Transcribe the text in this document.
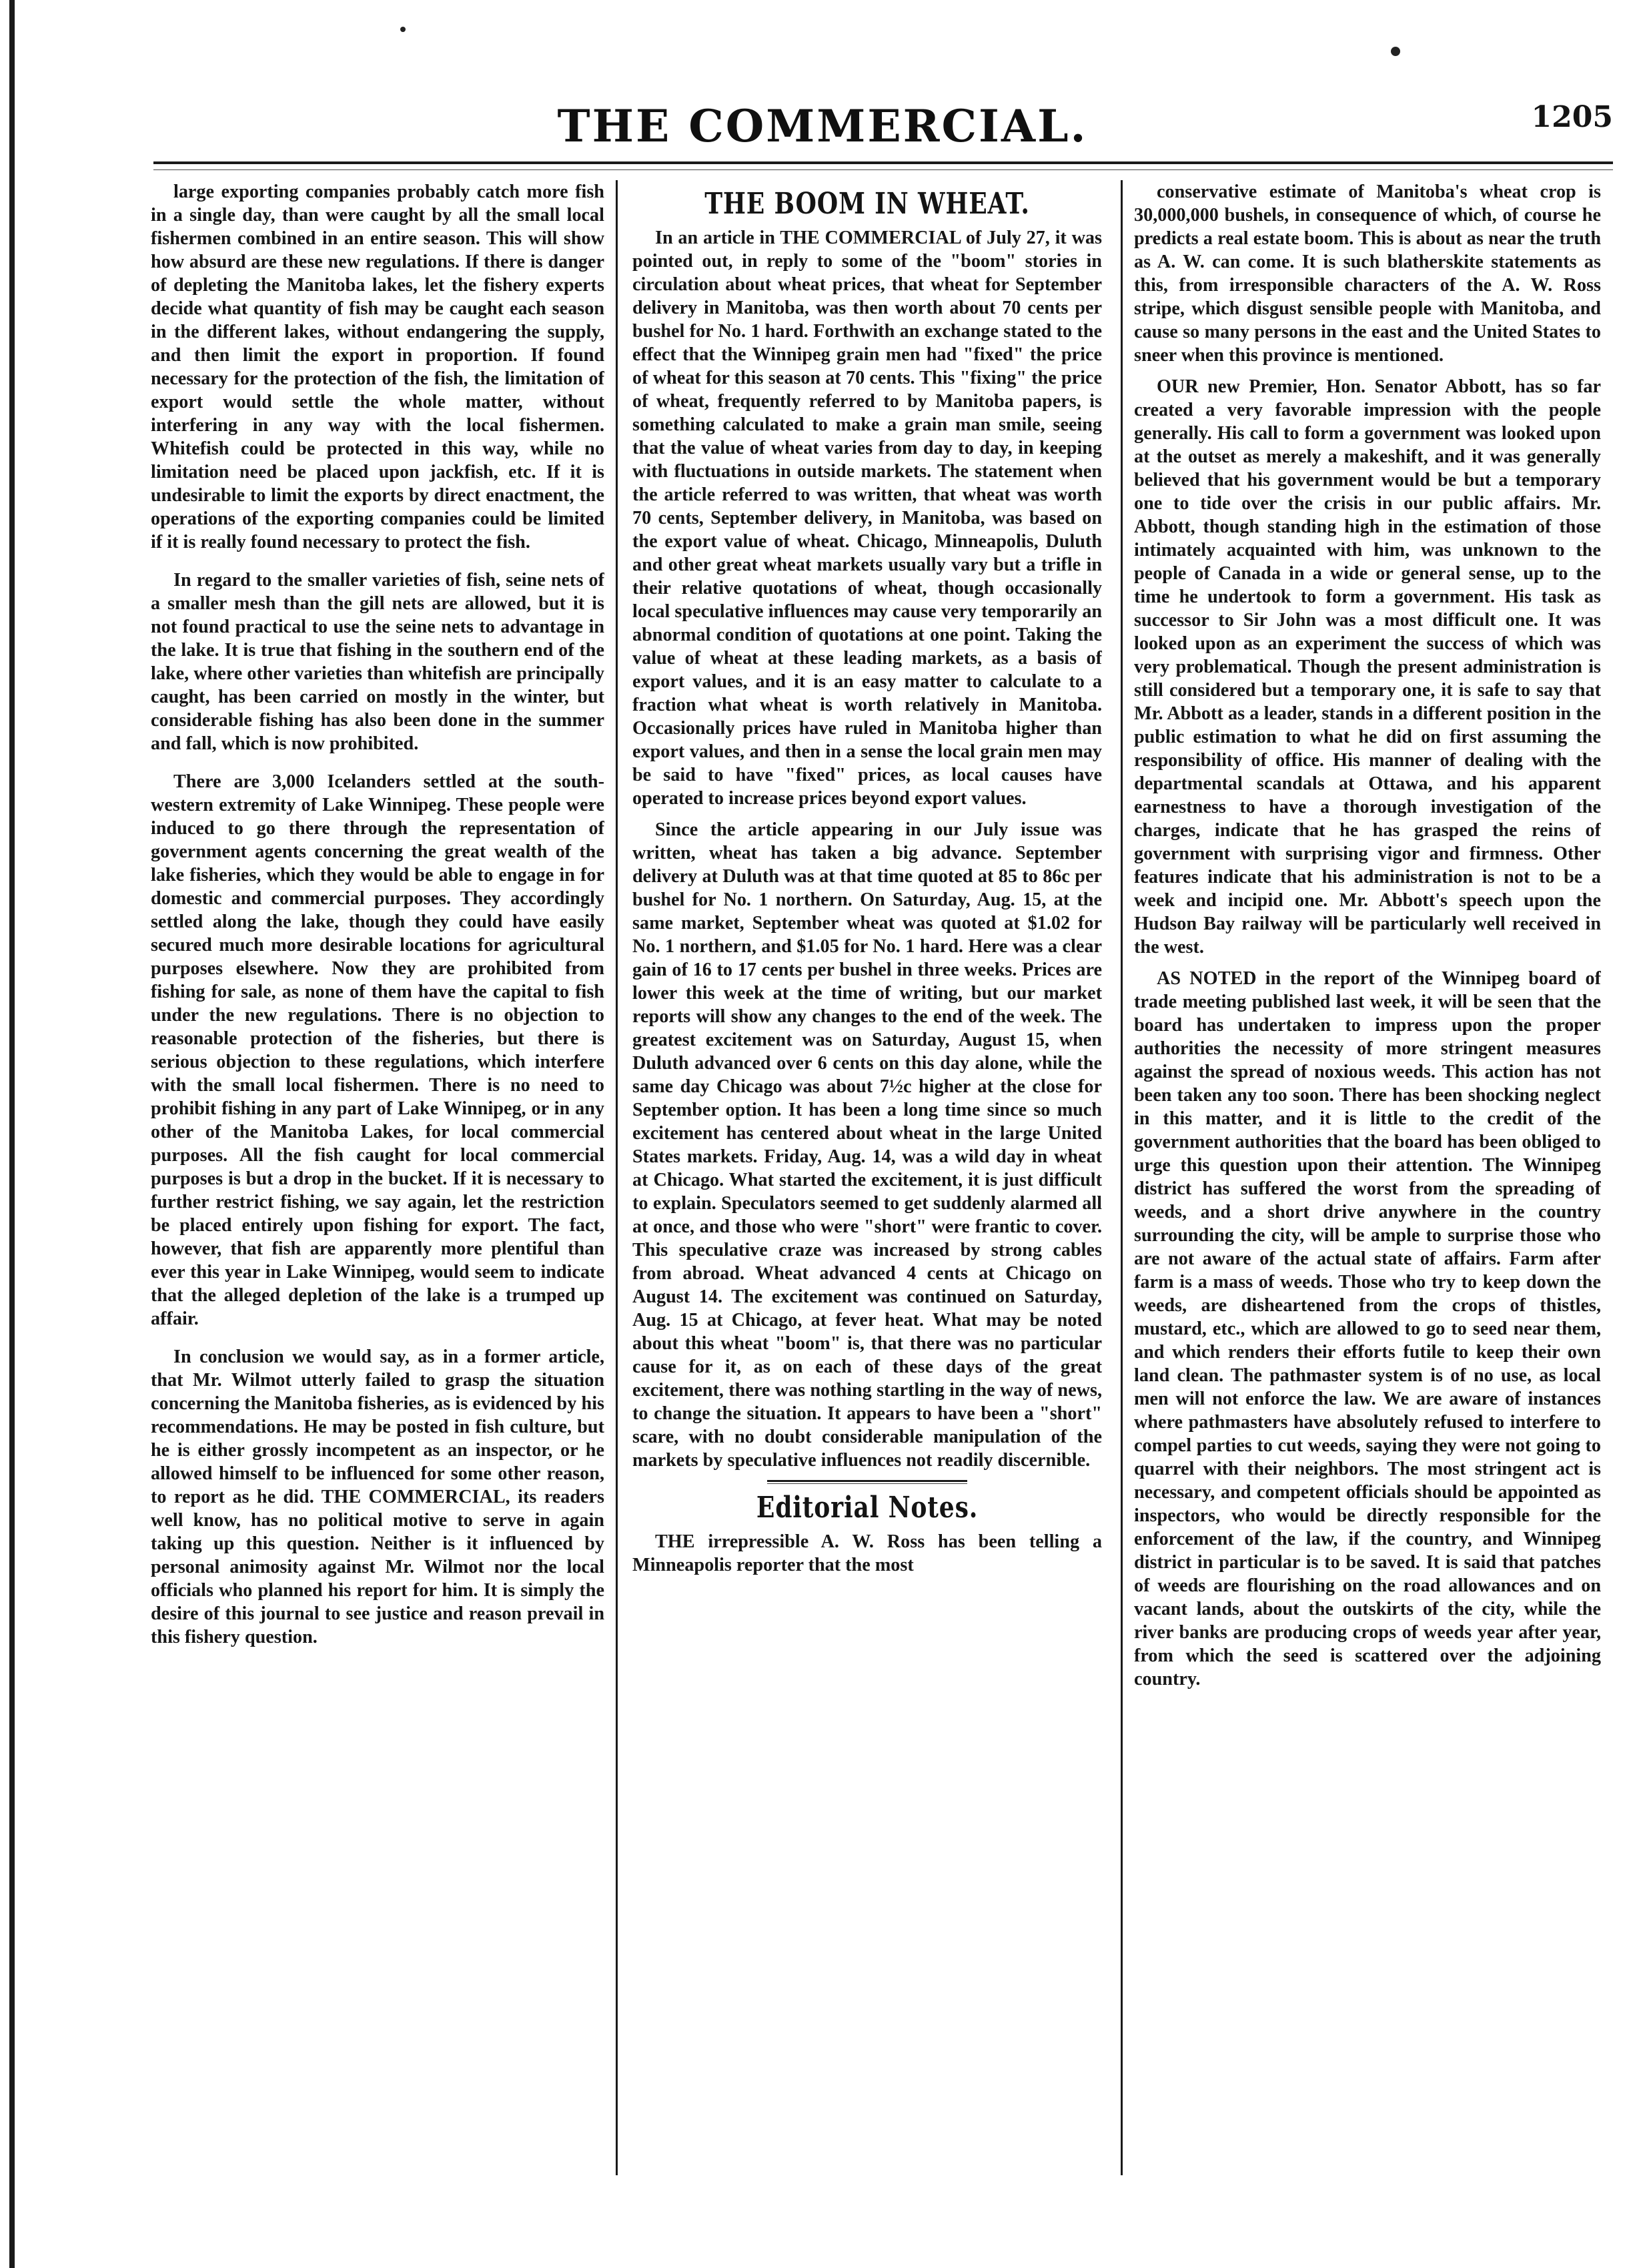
THE COMMERCIAL.	1205

large exporting companies probably catch more fish in a single day, than were caught by all the small local fishermen combined in an entire season. This will show how absurd are these new regulations. If there is danger of depleting the Manitoba lakes, let the fishery experts decide what quantity of fish may be caught each season in the different lakes, without endangering the supply, and then limit the export in proportion. If found necessary for the protection of the fish, the limitation of export would settle the whole matter, without interfering in any way with the local fishermen. Whitefish could be protected in this way, while no limitation need be placed upon jackfish, etc. If it is undesirable to limit the exports by direct enactment, the operations of the exporting companies could be limited if it is really found necessary to protect the fish.

In regard to the smaller varieties of fish, seine nets of a smaller mesh than the gill nets are allowed, but it is not found practical to use the seine nets to advantage in the lake. It is true that fishing in the southern end of the lake, where other varieties than whitefish are principally caught, has been carried on mostly in the winter, but considerable fishing has also been done in the summer and fall, which is now prohibited.

There are 3,000 Icelanders settled at the south-western extremity of Lake Winnipeg. These people were induced to go there through the representation of government agents concerning the great wealth of the lake fisheries, which they would be able to engage in for domestic and commercial purposes. They accordingly settled along the lake, though they could have easily secured much more desirable locations for agricultural purposes elsewhere. Now they are prohibited from fishing for sale, as none of them have the capital to fish under the new regulations. There is no objection to reasonable protection of the fisheries, but there is serious objection to these regulations, which interfere with the small local fishermen. There is no need to prohibit fishing in any part of Lake Winnipeg, or in any other of the Manitoba Lakes, for local commercial purposes. All the fish caught for local commercial purposes is but a drop in the bucket. If it is necessary to further restrict fishing, we say again, let the restriction be placed entirely upon fishing for export. The fact, however, that fish are apparently more plentiful than ever this year in Lake Winnipeg, would seem to indicate that the alleged depletion of the lake is a trumped up affair.

In conclusion we would say, as in a former article, that Mr. Wilmot utterly failed to grasp the situation concerning the Manitoba fisheries, as is evidenced by his recommendations. He may be posted in fish culture, but he is either grossly incompetent as an inspector, or he allowed himself to be influenced for some other reason, to report as he did. THE COMMERCIAL, its readers well know, has no political motive to serve in again taking up this question. Neither is it influenced by personal animosity against Mr. Wilmot nor the local officials who planned his report for him. It is simply the desire of this journal to see justice and reason prevail in this fishery question.

THE BOOM IN WHEAT.

In an article in THE COMMERCIAL of July 27, it was pointed out, in reply to some of the "boom" stories in circulation about wheat prices, that wheat for September delivery in Manitoba, was then worth about 70 cents per bushel for No. 1 hard. Forthwith an exchange stated to the effect that the Winnipeg grain men had "fixed" the price of wheat for this season at 70 cents. This "fixing" the price of wheat, frequently referred to by Manitoba papers, is something calculated to make a grain man smile, seeing that the value of wheat varies from day to day, in keeping with fluctuations in outside markets. The statement when the article referred to was written, that wheat was worth 70 cents, September delivery, in Manitoba, was based on the export value of wheat. Chicago, Minneapolis, Duluth and other great wheat markets usually vary but a trifle in their relative quotations of wheat, though occasionally local speculative influences may cause very temporarily an abnormal condition of quotations at one point. Taking the value of wheat at these leading markets, as a basis of export values, and it is an easy matter to calculate to a fraction what wheat is worth relatively in Manitoba. Occasionally prices have ruled in Manitoba higher than export values, and then in a sense the local grain men may be said to have "fixed" prices, as local causes have operated to increase prices beyond export values.

Since the article appearing in our July issue was written, wheat has taken a big advance. September delivery at Duluth was at that time quoted at 85 to 86c per bushel for No. 1 northern. On Saturday, Aug. 15, at the same market, September wheat was quoted at $1.02 for No. 1 northern, and $1.05 for No. 1 hard. Here was a clear gain of 16 to 17 cents per bushel in three weeks. Prices are lower this week at the time of writing, but our market reports will show any changes to the end of the week. The greatest excitement was on Saturday, August 15, when Duluth advanced over 6 cents on this day alone, while the same day Chicago was about 7½c higher at the close for September option. It has been a long time since so much excitement has centered about wheat in the large United States markets. Friday, Aug. 14, was a wild day in wheat at Chicago. What started the excitement, it is just difficult to explain. Speculators seemed to get suddenly alarmed all at once, and those who were "short" were frantic to cover. This speculative craze was increased by strong cables from abroad. Wheat advanced 4 cents at Chicago on August 14. The excitement was continued on Saturday, Aug. 15 at Chicago, at fever heat. What may be noted about this wheat "boom" is, that there was no particular cause for it, as on each of these days of the great excitement, there was nothing startling in the way of news, to change the situation. It appears to have been a "short" scare, with no doubt considerable manipulation of the markets by speculative influences not readily discernible.

Editorial Notes.

THE irrepressible A. W. Ross has been telling a Minneapolis reporter that the most

conservative estimate of Manitoba's wheat crop is 30,000,000 bushels, in consequence of which, of course he predicts a real estate boom. This is about as near the truth as A. W. can come. It is such blatherskite statements as this, from irresponsible characters of the A. W. Ross stripe, which disgust sensible people with Manitoba, and cause so many persons in the east and the United States to sneer when this province is mentioned.

OUR new Premier, Hon. Senator Abbott, has so far created a very favorable impression with the people generally. His call to form a government was looked upon at the outset as merely a makeshift, and it was generally believed that his government would be but a temporary one to tide over the crisis in our public affairs. Mr. Abbott, though standing high in the estimation of those intimately acquainted with him, was unknown to the people of Canada in a wide or general sense, up to the time he undertook to form a government. His task as successor to Sir John was a most difficult one. It was looked upon as an experiment the success of which was very problematical. Though the present administration is still considered but a temporary one, it is safe to say that Mr. Abbott as a leader, stands in a different position in the public estimation to what he did on first assuming the responsibility of office. His manner of dealing with the departmental scandals at Ottawa, and his apparent earnestness to have a thorough investigation of the charges, indicate that he has grasped the reins of government with surprising vigor and firmness. Other features indicate that his administration is not to be a week and incipid one. Mr. Abbott's speech upon the Hudson Bay railway will be particularly well received in the west.

AS NOTED in the report of the Winnipeg board of trade meeting published last week, it will be seen that the board has undertaken to impress upon the proper authorities the necessity of more stringent measures against the spread of noxious weeds. This action has not been taken any too soon. There has been shocking neglect in this matter, and it is little to the credit of the government authorities that the board has been obliged to urge this question upon their attention. The Winnipeg district has suffered the worst from the spreading of weeds, and a short drive anywhere in the country surrounding the city, will be ample to surprise those who are not aware of the actual state of affairs. Farm after farm is a mass of weeds. Those who try to keep down the weeds, are disheartened from the crops of thistles, mustard, etc., which are allowed to go to seed near them, and which renders their efforts futile to keep their own land clean. The pathmaster system is of no use, as local men will not enforce the law. We are aware of instances where pathmasters have absolutely refused to interfere to compel parties to cut weeds, saying they were not going to quarrel with their neighbors. The most stringent act is necessary, and competent officials should be appointed as inspectors, who would be directly responsible for the enforcement of the law, if the country, and Winnipeg district in particular is to be saved. It is said that patches of weeds are flourishing on the road allowances and on vacant lands, about the outskirts of the city, while the river banks are producing crops of weeds year after year, from which the seed is scattered over the adjoining country.
